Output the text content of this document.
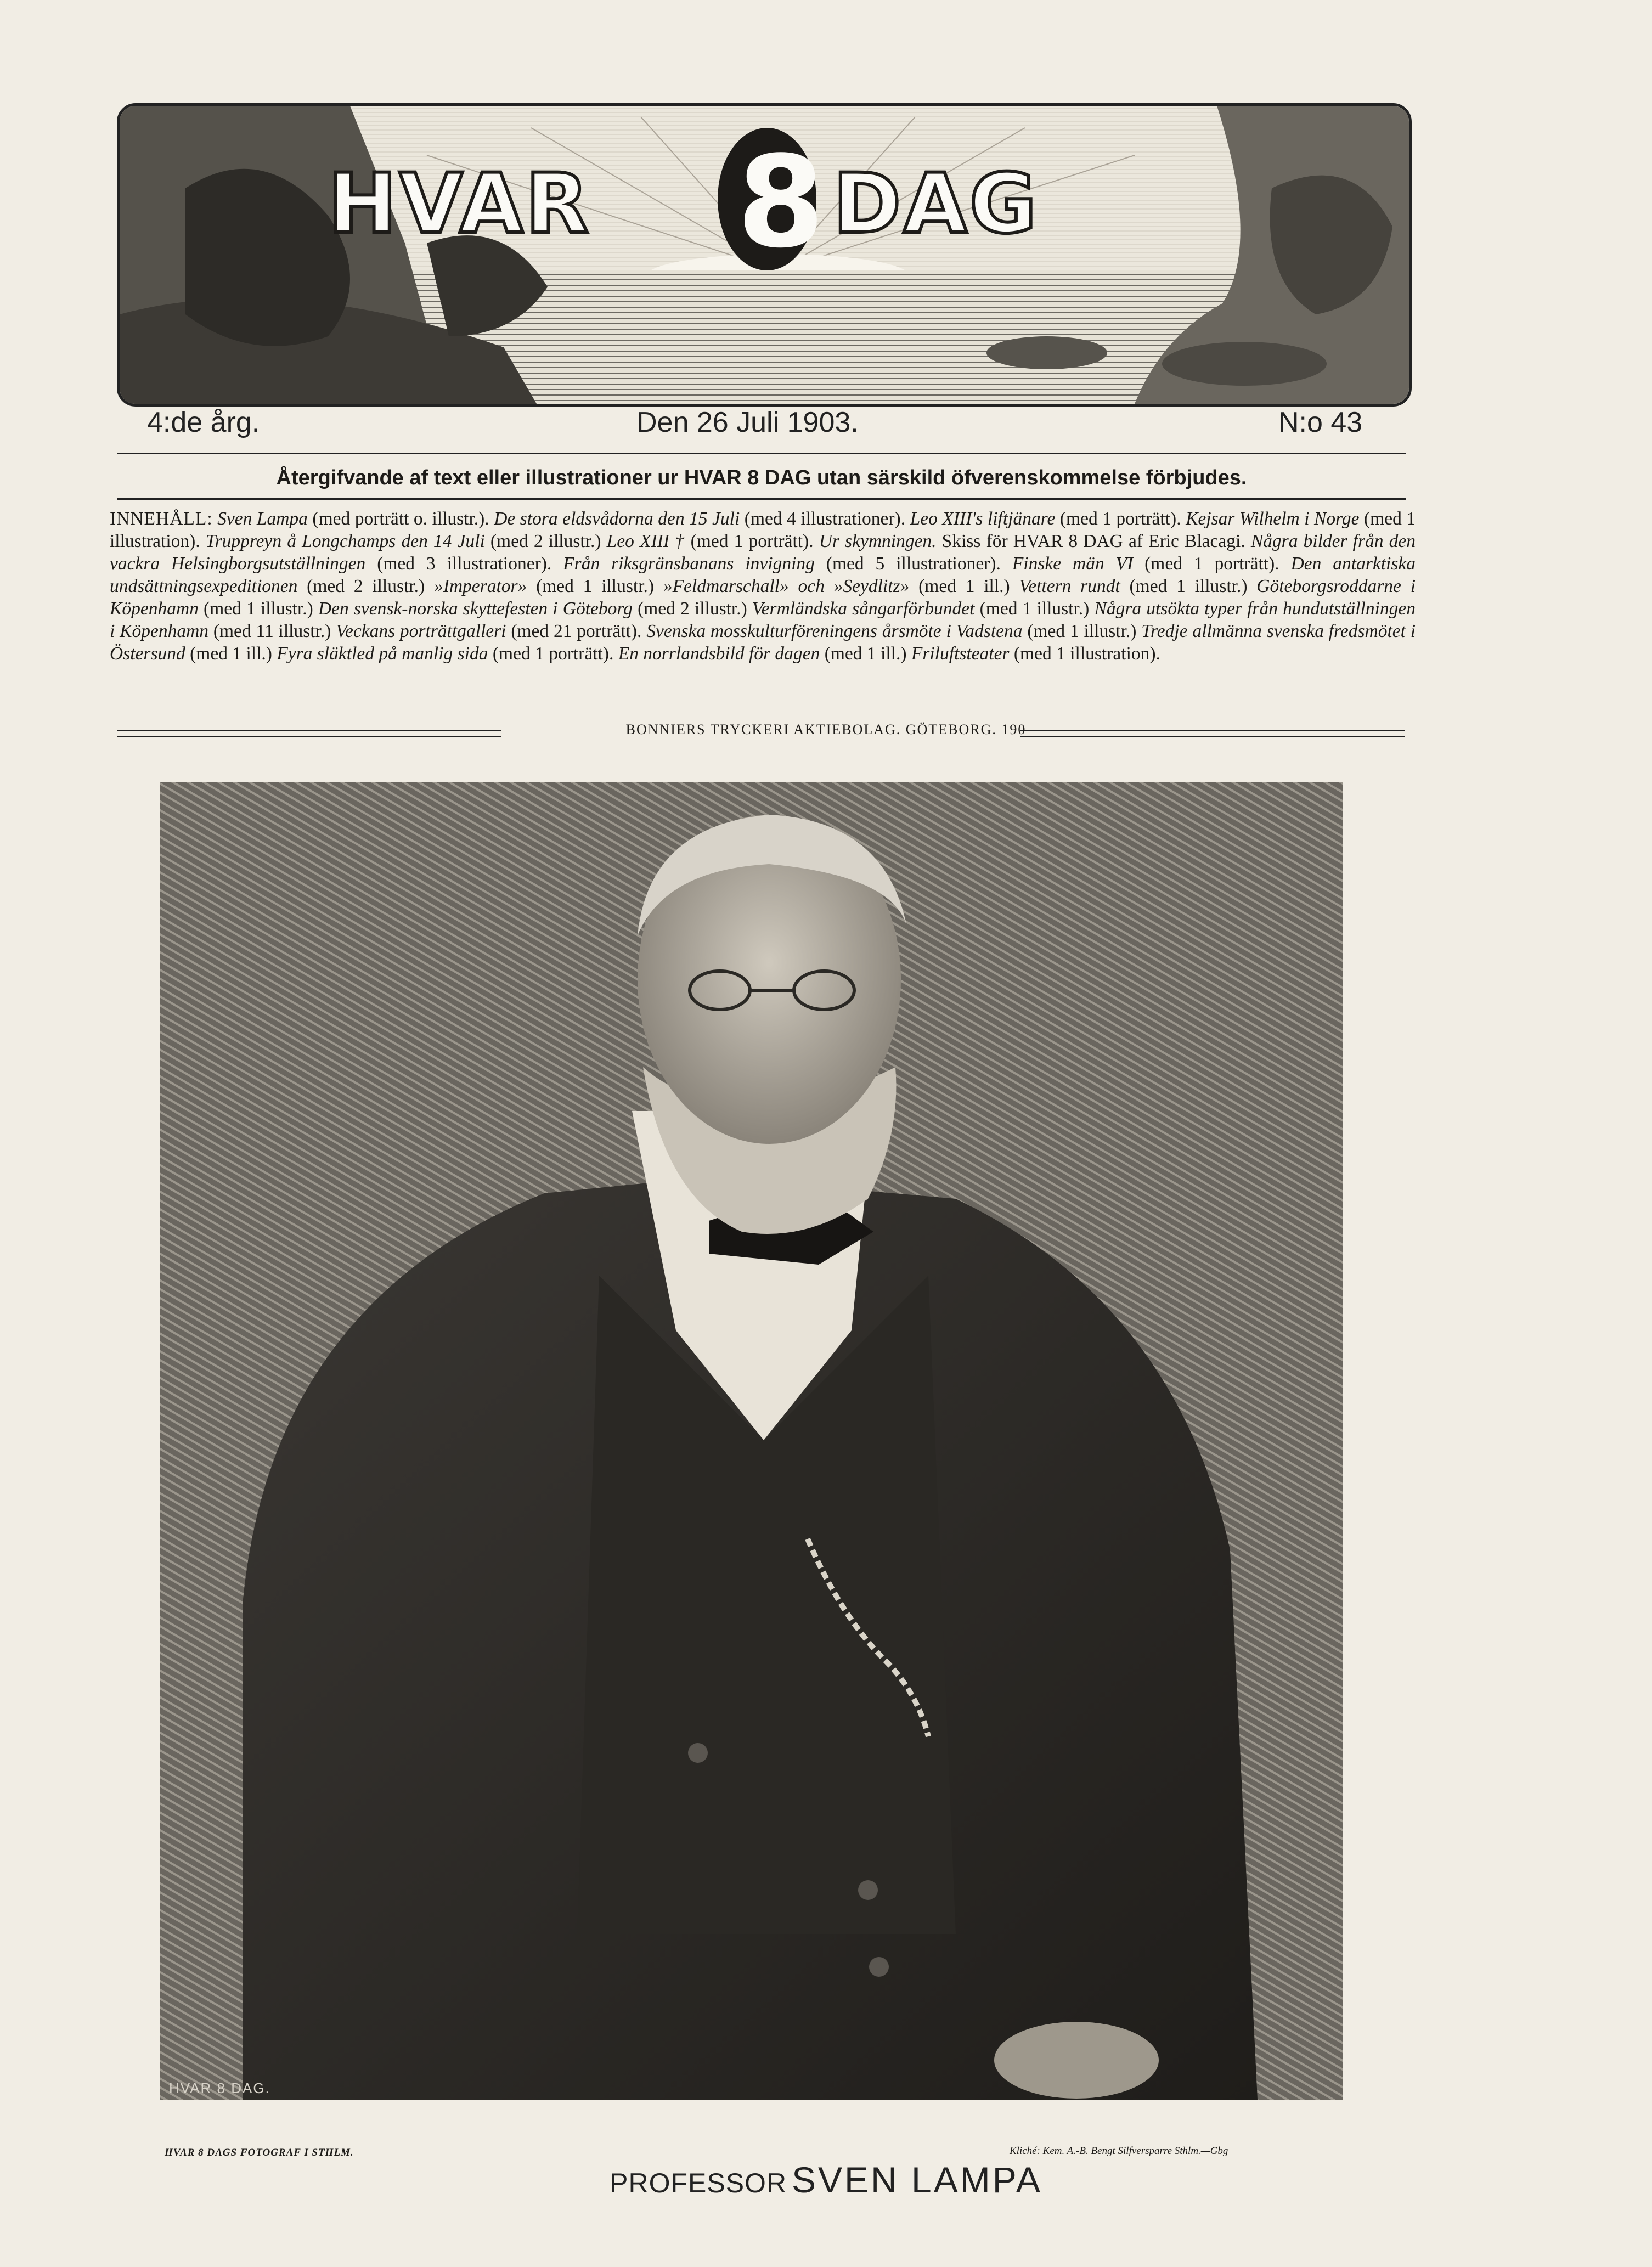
HVAR 8 DAG
4:de årg.	Den 26 Juli 1903.	N:o 43
Återgifvande af text eller illustrationer ur HVAR 8 DAG utan särskild öfverenskommelse förbjudes.
INNEHÅLL: Sven Lampa (med porträtt o. illustr.). De stora eldsvådorna den 15 Juli (med 4 illustrationer). Leo XIII's liftjänare (med 1 porträtt). Kejsar Wilhelm i Norge (med 1 illustration). Truppreyn å Longchamps den 14 Juli (med 2 illustr.) Leo XIII † (med 1 porträtt). Ur skymningen. Skiss för HVAR 8 DAG af Eric Blacagi. Några bilder från den vackra Helsingborgsutställningen (med 3 illustrationer). Från riksgränsbanans invigning (med 5 illustrationer). Finske män VI (med 1 porträtt). Den antarktiska undsättningsexpeditionen (med 2 illustr.) »Imperator» (med 1 illustr.) »Feldmarschall» och »Seydlitz» (med 1 ill.) Vettern rundt (med 1 illustr.) Göteborgsroddarne i Köpenhamn (med 1 illustr.) Den svensk-norska skyttefesten i Göteborg (med 2 illustr.) Vermländska sångarförbundet (med 1 illustr.) Några utsökta typer från hundutställningen i Köpenhamn (med 11 illustr.) Veckans porträttgalleri (med 21 porträtt). Svenska mosskulturföreningens årsmöte i Vadstena (med 1 illustr.) Tredje allmänna svenska fredsmötet i Östersund (med 1 ill.) Fyra släktled på manlig sida (med 1 porträtt). En norrlandsbild för dagen (med 1 ill.) Friluftsteater (med 1 illustration).
BONNIERS TRYCKERI AKTIEBOLAG. GÖTEBORG. 190
HVAR 8 DAG.
HVAR 8 DAGS FOTOGRAF I STHLM.	Kliché: Kem. A.-B. Bengt Silfversparre Sthlm.—Gbg
PROFESSOR SVEN LAMPA
